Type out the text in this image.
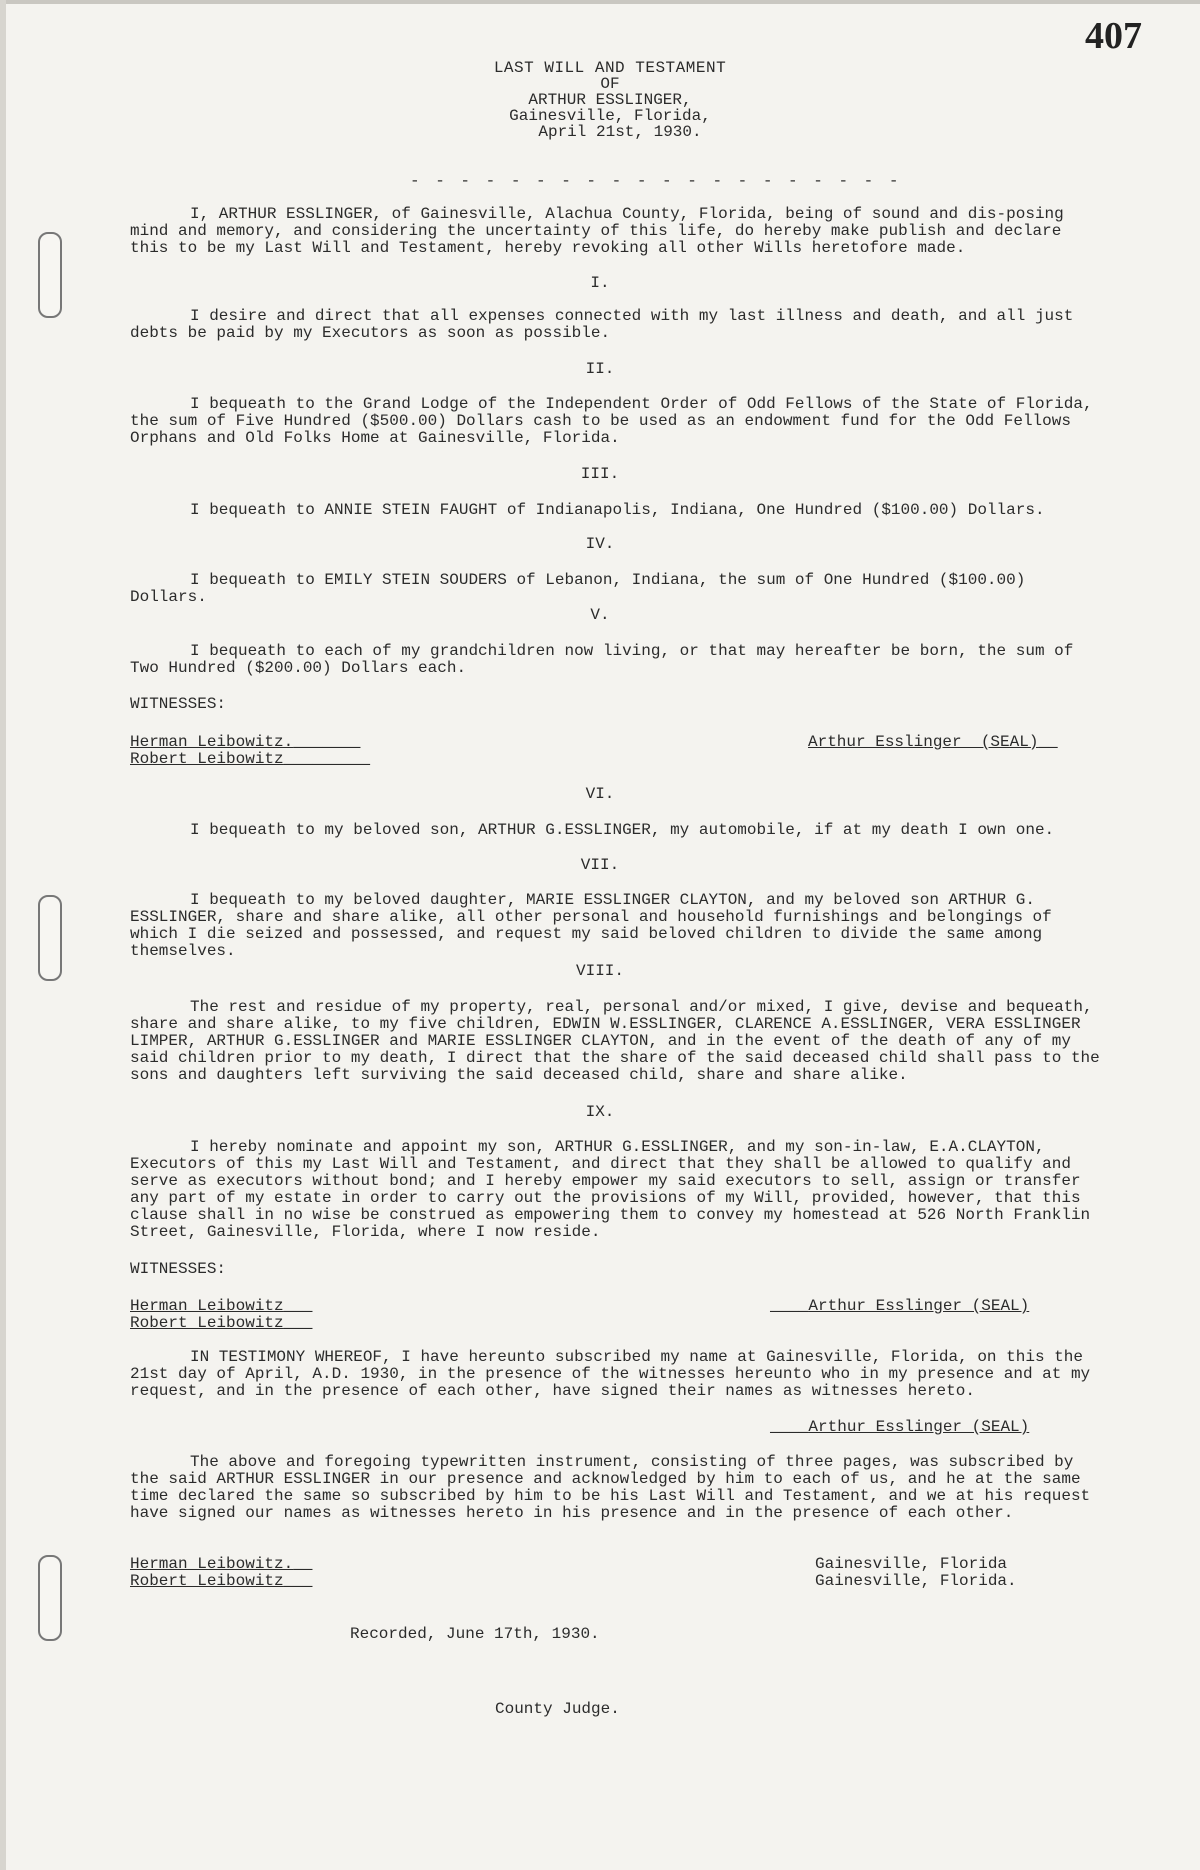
407
LAST WILL AND TESTAMENT
OF
ARTHUR ESSLINGER,
Gainesville, Florida,
April 21st, 1930.
- - - - - - - - - - - - - - - - - - - -
I, ARTHUR ESSLINGER, of Gainesville, Alachua County, Florida, being of sound and dis-posing mind and memory, and considering the uncertainty of this life, do hereby make publish and declare this to be my Last Will and Testament, hereby revoking all other Wills heretofore made.
I.
I desire and direct that all expenses connected with my last illness and death, and all just debts be paid by my Executors as soon as possible.
II.
I bequeath to the Grand Lodge of the Independent Order of Odd Fellows of the State of Florida, the sum of Five Hundred ($500.00) Dollars cash to be used as an endowment fund for the Odd Fellows Orphans and Old Folks Home at Gainesville, Florida.
III.
I bequeath to ANNIE STEIN FAUGHT of Indianapolis, Indiana, One Hundred ($100.00) Dollars.
IV.
I bequeath to EMILY STEIN SOUDERS of Lebanon, Indiana, the sum of One Hundred ($100.00) Dollars.
V.
I bequeath to each of my grandchildren now living, or that may hereafter be born, the sum of Two Hundred ($200.00) Dollars each.
WITNESSES:
Herman Leibowitz._______
Robert Leibowitz_________
Arthur Esslinger  (SEAL)__
VI.
I bequeath to my beloved son, ARTHUR G.ESSLINGER, my automobile, if at my death I own one.
VII.
I bequeath to my beloved daughter, MARIE ESSLINGER CLAYTON, and my beloved son ARTHUR G. ESSLINGER, share and share alike, all other personal and household furnishings and belongings of which I die seized and possessed, and request my said beloved children to divide the same among themselves.
VIII.
The rest and residue of my property, real, personal and/or mixed, I give, devise and bequeath, share and share alike, to my five children, EDWIN W.ESSLINGER, CLARENCE A.ESSLINGER, VERA ESSLINGER LIMPER, ARTHUR G.ESSLINGER and MARIE ESSLINGER CLAYTON, and in the event of the death of any of my said children prior to my death, I direct that the share of the said deceased child shall pass to the sons and daughters left surviving the said deceased child, share and share alike.
IX.
I hereby nominate and appoint my son, ARTHUR G.ESSLINGER, and my son-in-law, E.A.CLAYTON, Executors of this my Last Will and Testament, and direct that they shall be allowed to qualify and serve as executors without bond; and I hereby empower my said executors to sell, assign or transfer any part of my estate in order to carry out the provisions of my Will, provided, however, that this clause shall in no wise be construed as empowering them to convey my homestead at 526 North Franklin Street, Gainesville, Florida, where I now reside.
WITNESSES:
Herman Leibowitz___
Robert Leibowitz___
____Arthur Esslinger (SEAL)
IN TESTIMONY WHEREOF, I have hereunto subscribed my name at Gainesville, Florida, on this the 21st day of April, A.D. 1930, in the presence of the witnesses hereunto who in my presence and at my request, and in the presence of each other, have signed their names as witnesses hereto.
____Arthur Esslinger (SEAL)
The above and foregoing typewritten instrument, consisting of three pages, was subscribed by the said ARTHUR ESSLINGER in our presence and acknowledged by him to each of us, and he at the same time declared the same so subscribed by him to be his Last Will and Testament, and we at his request have signed our names as witnesses hereto in his presence and in the presence of each other.
Herman Leibowitz.__
Robert Leibowitz___
Gainesville, Florida
Gainesville, Florida.
Recorded, June 17th, 1930.
County Judge.
